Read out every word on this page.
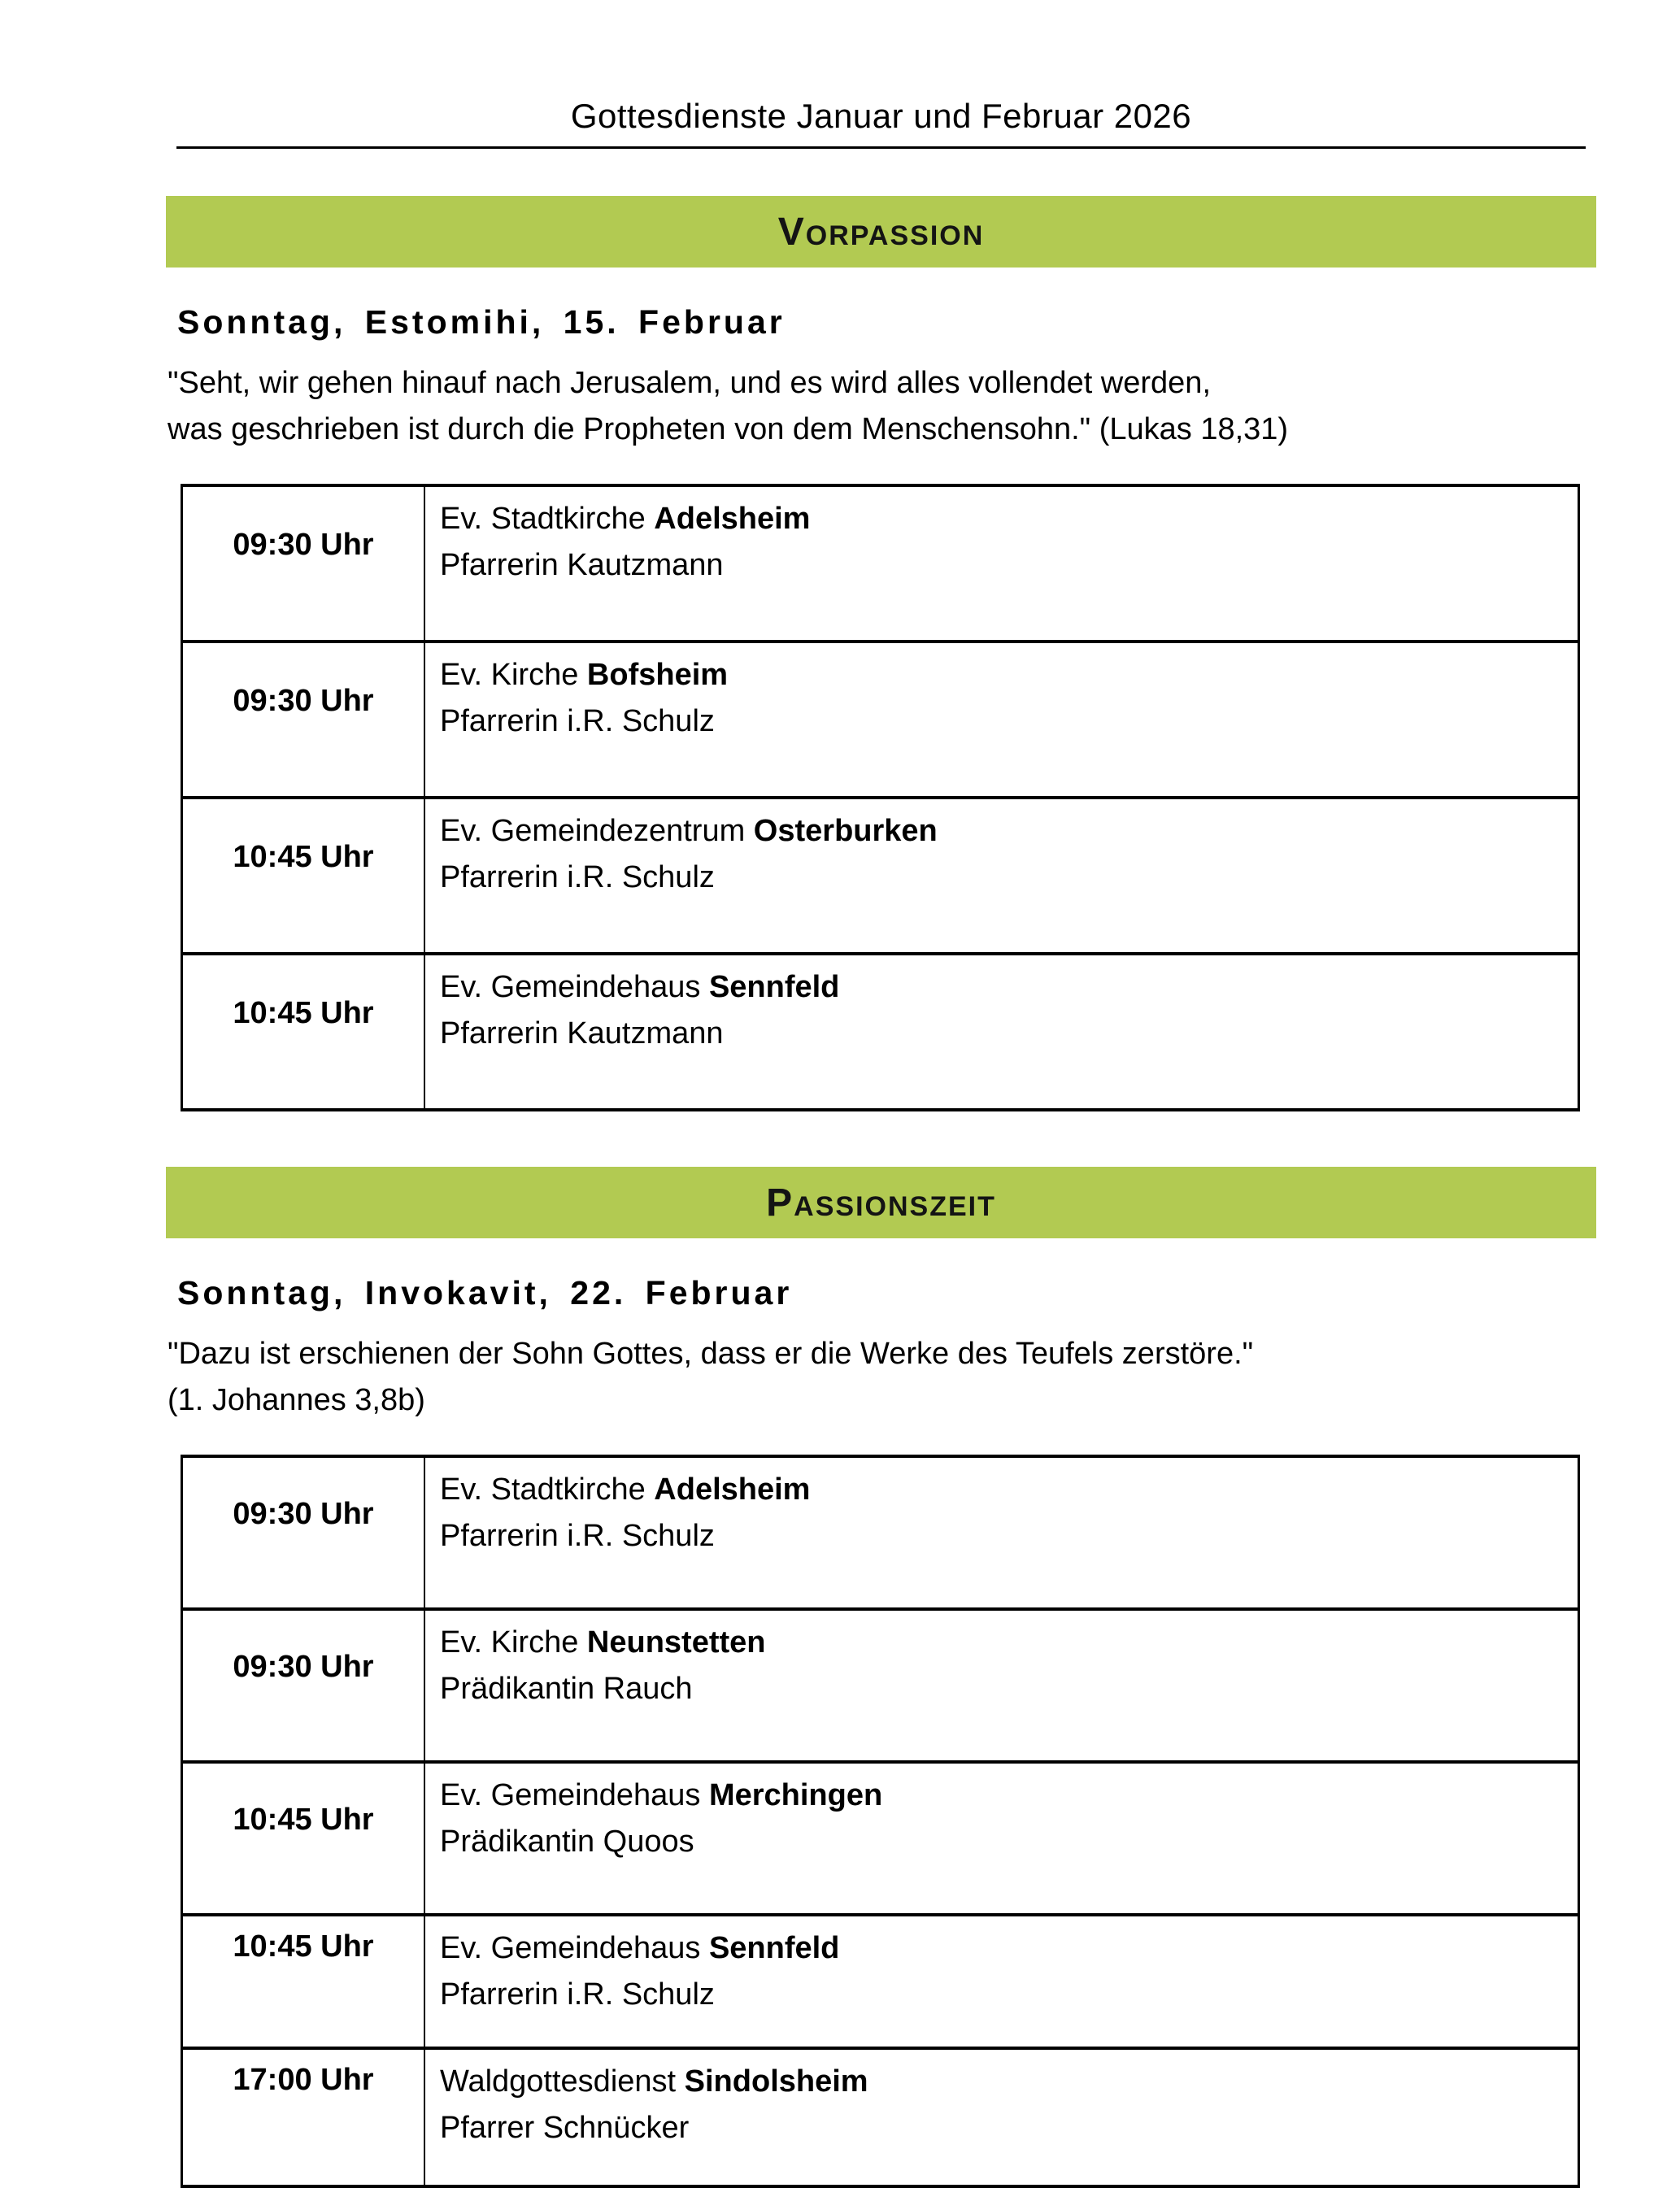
Gottesdienste Januar und Februar 2026
Vorpassion
Sonntag, Estomihi, 15. Februar
"Seht, wir gehen hinauf nach Jerusalem, und es wird alles vollendet werden,
was geschrieben ist durch die Propheten von dem Menschensohn." (Lukas 18,31)
09:30 Uhr	Ev. Stadtkirche Adelsheim
Pfarrerin Kautzmann

09:30 Uhr	Ev. Kirche Bofsheim
Pfarrerin i.R. Schulz

10:45 Uhr	Ev. Gemeindezentrum Osterburken
Pfarrerin i.R. Schulz

10:45 Uhr	Ev. Gemeindehaus Sennfeld
Pfarrerin Kautzmann
Passionszeit
Sonntag, Invokavit, 22. Februar
"Dazu ist erschienen der Sohn Gottes, dass er die Werke des Teufels zerstöre."
(1. Johannes 3,8b)
09:30 Uhr	Ev. Stadtkirche Adelsheim
Pfarrerin i.R. Schulz

09:30 Uhr	Ev. Kirche Neunstetten
Prädikantin Rauch

10:45 Uhr	Ev. Gemeindehaus Merchingen
Prädikantin Quoos

10:45 Uhr	Ev. Gemeindehaus Sennfeld
Pfarrerin i.R. Schulz

17:00 Uhr	Waldgottesdienst Sindolsheim
Pfarrer Schnücker
